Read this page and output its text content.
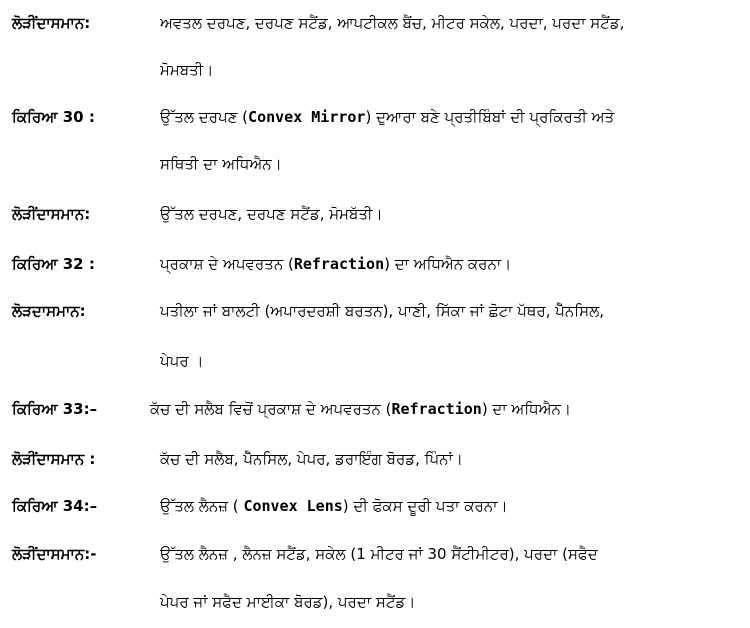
ਲੋੜੀਂਦਾਸਮਾਨ:	ਅਵਤਲ ਦਰਪਣ, ਦਰਪਣ ਸਟੈਂਡ, ਆਪਟੀਕਲ ਬੈਂਚ, ਮੀਟਰ ਸਕੇਲ, ਪਰਦਾ, ਪਰਦਾ ਸਟੈਂਡ,
ਮੋਮਬਤੀ।
ਕਿਰਿਆ 30 :	ਉੱਤਲ ਦਰਪਣ (Convex Mirror) ਦੁਆਰਾ ਬਣੇ ਪ੍ਰਤੀਬਿੰਬਾਂ ਦੀ ਪ੍ਰਕਿਰਤੀ ਅਤੇ
ਸਥਿਤੀ ਦਾ ਅਧਿਐਨ।
ਲੋੜੀਂਦਾਸਮਾਨ:	ਉੱਤਲ ਦਰਪਣ, ਦਰਪਣ ਸਟੈਂਡ, ਮੋਮਬੱਤੀ।
ਕਿਰਿਆ 32 :	ਪ੍ਰਕਾਸ਼ ਦੇ ਅਪਵਰਤਨ (Refraction) ਦਾ ਅਧਿਐਨ ਕਰਨਾ।
ਲੋੜਦਾਸਮਾਨ:	ਪਤੀਲਾ ਜਾਂ ਬਾਲਟੀ (ਅਪਾਰਦਰਸ਼ੀ ਬਰਤਨ), ਪਾਣੀ, ਸਿੱਕਾ ਜਾਂ ਛੋਟਾ ਪੱਥਰ, ਪੈੱਨਸਿਲ,
ਪੇਪਰ ।
ਕਿਰਿਆ 33:–	ਕੱਚ ਦੀ ਸਲੈਬ ਵਿਚੋਂ ਪ੍ਰਕਾਸ਼ ਦੇ ਅਪਵਰਤਨ (Refraction) ਦਾ ਅਧਿਐਨ।
ਲੋੜੀਂਦਾਸਮਾਨ :	ਕੱਚ ਦੀ ਸਲੈਬ, ਪੈੱਨਸਿਲ, ਪੇਪਰ, ਡਰਾਇੰਗ ਬੋਰਡ, ਪਿੰਨਾਂ।
ਕਿਰਿਆ 34:–	ਉੱਤਲ ਲੈਨਜ਼ ( Convex Lens) ਦੀ ਫੋਕਸ ਦੂਰੀ ਪਤਾ ਕਰਨਾ।
ਲੋੜੀਂਦਾਸਮਾਨ:-	ਉੱਤਲ ਲੈਨਜ਼ , ਲੈਨਜ਼ ਸਟੈਂਡ, ਸਕੇਲ (1 ਮੀਟਰ ਜਾਂ 30 ਸੈਂਟੀਮੀਟਰ), ਪਰਦਾ (ਸਫੈਦ
ਪੇਪਰ ਜਾਂ ਸਫੈਦ ਮਾਈਕਾ ਬੋਰਡ), ਪਰਦਾ ਸਟੈਂਡ।
